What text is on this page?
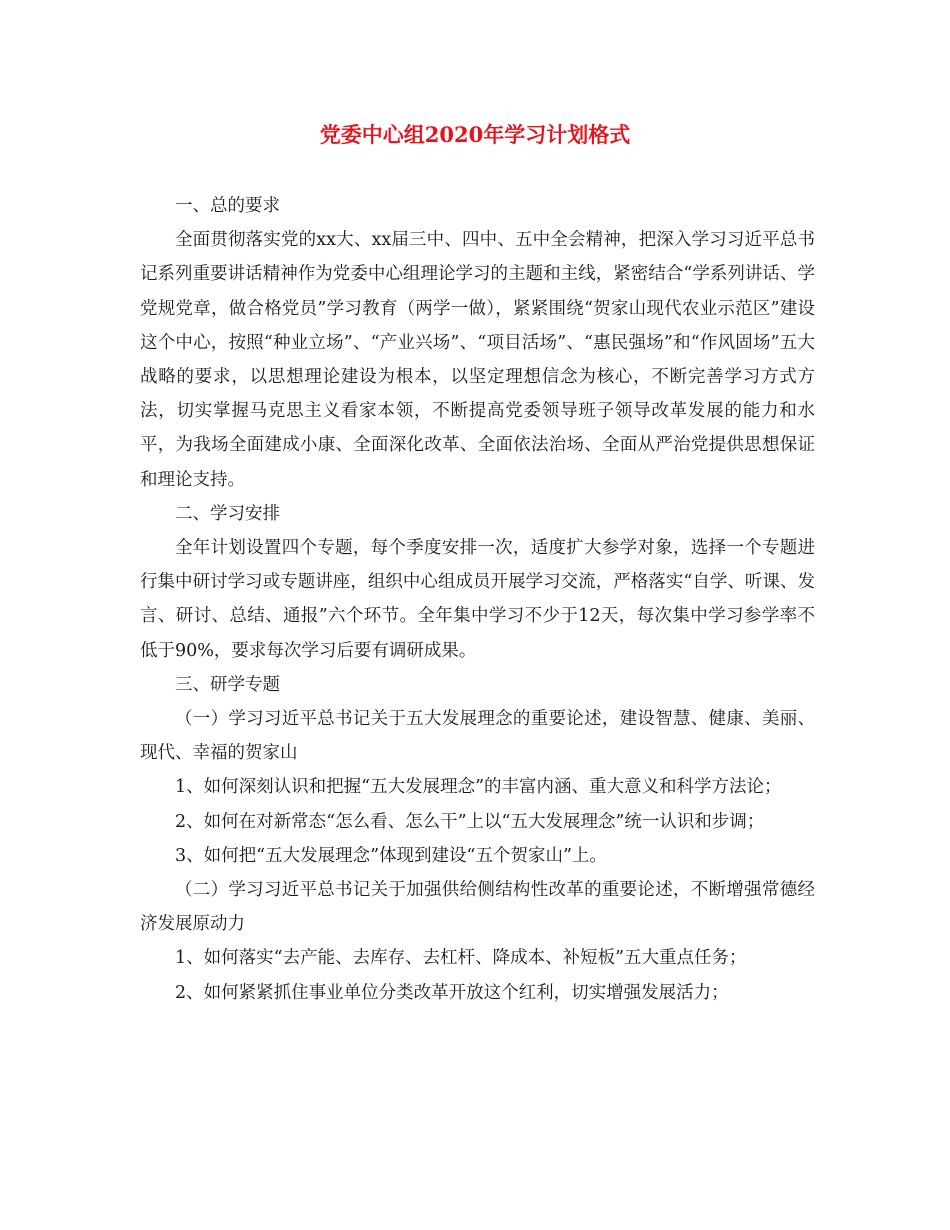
党委中心组2020年学习计划格式

一、总的要求

全面贯彻落实党的xx大、xx届三中、四中、五中全会精神，把深入学习习近平总书记系列重要讲话精神作为党委中心组理论学习的主题和主线，紧密结合“学系列讲话、学党规党章，做合格党员”学习教育（两学一做），紧紧围绕“贺家山现代农业示范区”建设这个中心，按照“种业立场”、“产业兴场”、“项目活场”、“惠民强场”和“作风固场”五大战略的要求，以思想理论建设为根本，以坚定理想信念为核心，不断完善学习方式方法，切实掌握马克思主义看家本领，不断提高党委领导班子领导改革发展的能力和水平，为我场全面建成小康、全面深化改革、全面依法治场、全面从严治党提供思想保证和理论支持。

二、学习安排

全年计划设置四个专题，每个季度安排一次，适度扩大参学对象，选择一个专题进行集中研讨学习或专题讲座，组织中心组成员开展学习交流，严格落实“自学、听课、发言、研讨、总结、通报”六个环节。全年集中学习不少于12天，每次集中学习参学率不低于90%，要求每次学习后要有调研成果。

三、研学专题

（一）学习习近平总书记关于五大发展理念的重要论述，建设智慧、健康、美丽、现代、幸福的贺家山

1、如何深刻认识和把握“五大发展理念”的丰富内涵、重大意义和科学方法论；

2、如何在对新常态“怎么看、怎么干”上以“五大发展理念”统一认识和步调；

3、如何把“五大发展理念”体现到建设“五个贺家山”上。

（二）学习习近平总书记关于加强供给侧结构性改革的重要论述，不断增强常德经济发展原动力

1、如何落实“去产能、去库存、去杠杆、降成本、补短板”五大重点任务；

2、如何紧紧抓住事业单位分类改革开放这个红利，切实增强发展活力；
